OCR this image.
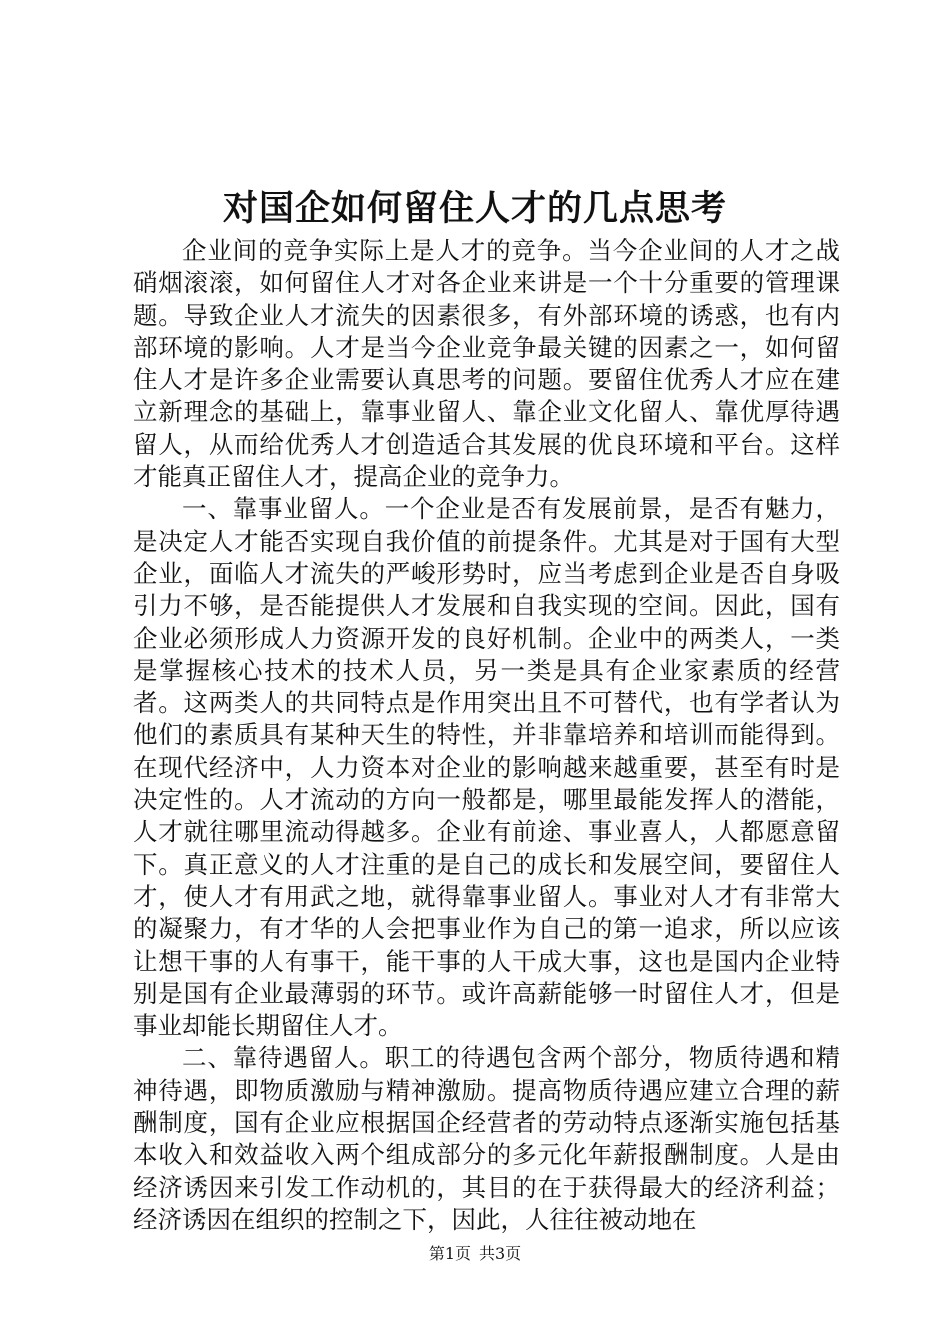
对国企如何留住人才的几点思考

企业间的竞争实际上是人才的竞争。当今企业间的人才之战硝烟滚滚，如何留住人才对各企业来讲是一个十分重要的管理课题。导致企业人才流失的因素很多，有外部环境的诱惑，也有内部环境的影响。人才是当今企业竞争最关键的因素之一，如何留住人才是许多企业需要认真思考的问题。要留住优秀人才应在建立新理念的基础上，靠事业留人、靠企业文化留人、靠优厚待遇留人，从而给优秀人才创造适合其发展的优良环境和平台。这样才能真正留住人才，提高企业的竞争力。

一、靠事业留人。一个企业是否有发展前景，是否有魅力，是决定人才能否实现自我价值的前提条件。尤其是对于国有大型企业，面临人才流失的严峻形势时，应当考虑到企业是否自身吸引力不够，是否能提供人才发展和自我实现的空间。因此，国有企业必须形成人力资源开发的良好机制。企业中的两类人，一类是掌握核心技术的技术人员，另一类是具有企业家素质的经营者。这两类人的共同特点是作用突出且不可替代，也有学者认为他们的素质具有某种天生的特性，并非靠培养和培训而能得到。在现代经济中，人力资本对企业的影响越来越重要，甚至有时是决定性的。人才流动的方向一般都是，哪里最能发挥人的潜能，人才就往哪里流动得越多。企业有前途、事业喜人，人都愿意留下。真正意义的人才注重的是自己的成长和发展空间，要留住人才，使人才有用武之地，就得靠事业留人。事业对人才有非常大的凝聚力，有才华的人会把事业作为自己的第一追求，所以应该让想干事的人有事干，能干事的人干成大事，这也是国内企业特别是国有企业最薄弱的环节。或许高薪能够一时留住人才，但是事业却能长期留住人才。

二、靠待遇留人。职工的待遇包含两个部分，物质待遇和精神待遇，即物质激励与精神激励。提高物质待遇应建立合理的薪酬制度，国有企业应根据国企经营者的劳动特点逐渐实施包括基本收入和效益收入两个组成部分的多元化年薪报酬制度。人是由经济诱因来引发工作动机的，其目的在于获得最大的经济利益；经济诱因在组织的控制之下，因此，人往往被动地在

第1页 共3页
